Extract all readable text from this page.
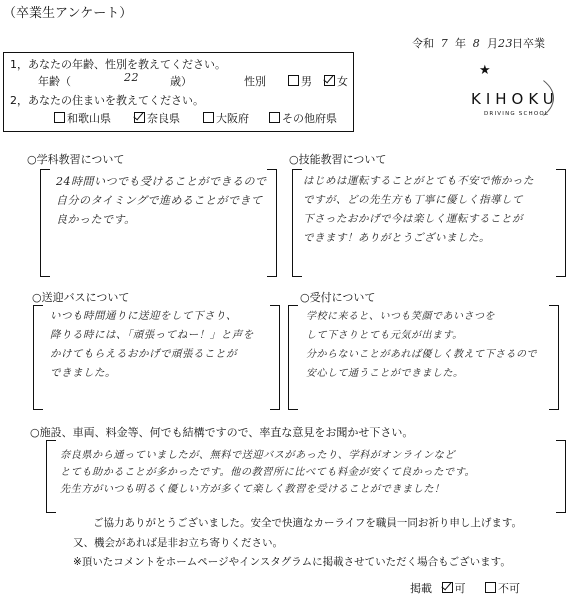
（卒業生アンケート）
令和 7 年 8 月23日卒業
1，あなたの年齢、性別を教えてください。
年齢（	22	歳）	性別	男	女
2，あなたの住まいを教えてください。
和歌山県	奈良県	大阪府	その他府県
★
KIHOKU
DRIVING SCHOOL
○学科教習について
24時間いつでも受けることができるので
自分のタイミングで進めることができて
良かったです。
○技能教習について
はじめは運転することがとても不安で怖かった
ですが、どの先生方も丁寧に優しく指導して
下さったおかげで今は楽しく運転することが
できます！ありがとうございました。
○送迎バスについて
いつも時間通りに送迎をして下さり、
降りる時には、「頑張ってねー！」と声を
かけてもらえるおかげで頑張ることが
できました。
○受付について
学校に来ると、いつも笑顔であいさつを
して下さりとても元気が出ます。
分からないことがあれば優しく教えて下さるので
安心して通うことができました。
○施設、車両、料金等、何でも結構ですので、率直な意見をお聞かせ下さい。
奈良県から通っていましたが、無料で送迎バスがあったり、学科がオンラインなど
とても助かることが多かったです。他の教習所に比べても料金が安くて良かったです。
先生方がいつも明るく優しい方が多くて楽しく教習を受けることができました！
ご協力ありがとうございました。安全で快適なカーライフを職員一同お祈り申し上げます。
又、機会があれば是非お立ち寄りください。
※頂いたコメントをホームページやインスタグラムに掲載させていただく場合もございます。
掲載 可	不可
